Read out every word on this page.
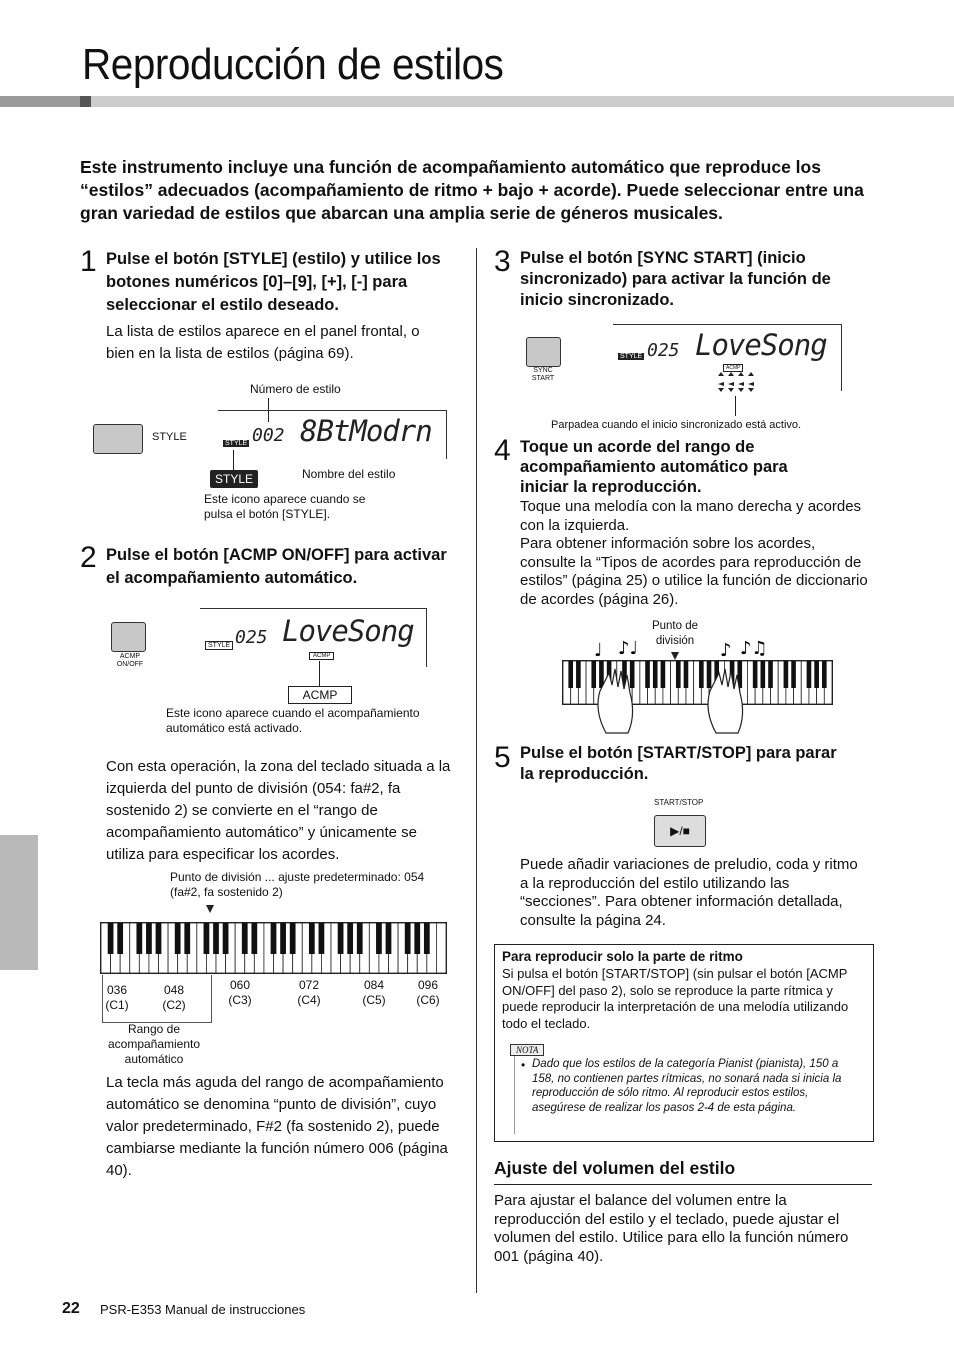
Reproducción de estilos
Este instrumento incluye una función de acompañamiento automático que reproduce los “estilos” adecuados (acompañamiento de ritmo + bajo + acorde). Puede seleccionar entre una gran variedad de estilos que abarcan una amplia serie de géneros musicales.
1 Pulse el botón [STYLE] (estilo) y utilice los botones numéricos [0]–[9], [+], [-] para seleccionar el estilo deseado.
La lista de estilos aparece en el panel frontal, o bien en la lista de estilos (página 69).
STYLE
Número de estilo
002 8BtModrn
STYLE
STYLE	Nombre del estilo
Este icono aparece cuando se pulsa el botón [STYLE].
2 Pulse el botón [ACMP ON/OFF] para activar el acompañamiento automático.
ACMP ON/OFF
025 LoveSong
STYLE
ACMP
ACMP
Este icono aparece cuando el acompañamiento automático está activado.
Con esta operación, la zona del teclado situada a la izquierda del punto de división (054: fa#2, fa sostenido 2) se convierte en el “rango de acompañamiento automático” y únicamente se utiliza para especificar los acordes.
Punto de división ... ajuste predeterminado: 054 (fa#2, fa sostenido 2)
036
(C1)
048
(C2)
060
(C3)
072
(C4)
084
(C5)
096
(C6)
Rango de acompañamiento automático
La tecla más aguda del rango de acompañamiento automático se denomina “punto de división”, cuyo valor predeterminado, F#2 (fa sostenido 2), puede cambiarse mediante la función número 006 (página 40).
3 Pulse el botón [SYNC START] (inicio sincronizado) para activar la función de inicio sincronizado.
SYNC START
025 LoveSong
STYLE
ACMP
Parpadea cuando el inicio sincronizado está activo.
4 Toque un acorde del rango de acompañamiento automático para iniciar la reproducción.
Toque una melodía con la mano derecha y acordes con la izquierda.
Para obtener información sobre los acordes, consulte la “Tipos de acordes para reproducción de estilos” (página 25) o utilice la función de diccionario de acordes (página 26).
Punto de división
♩ ♪♩	♪ ♪♫
5 Pulse el botón [START/STOP] para parar la reproducción.
START/STOP
▶/■
Puede añadir variaciones de preludio, coda y ritmo a la reproducción del estilo utilizando las “secciones”. Para obtener información detallada, consulte la página 24.
Para reproducir solo la parte de ritmo
Si pulsa el botón [START/STOP] (sin pulsar el botón [ACMP ON/OFF] del paso 2), solo se reproduce la parte rítmica y puede reproducir la interpretación de una melodía utilizando todo el teclado.
NOTA
• Dado que los estilos de la categoría Pianist (pianista), 150 a 158, no contienen partes rítmicas, no sonará nada si inicia la reproducción de sólo ritmo. Al reproducir estos estilos, asegúrese de realizar los pasos 2-4 de esta página.
Ajuste del volumen del estilo
Para ajustar el balance del volumen entre la reproducción del estilo y el teclado, puede ajustar el volumen del estilo. Utilice para ello la función número 001 (página 40).
22 PSR-E353 Manual de instrucciones
